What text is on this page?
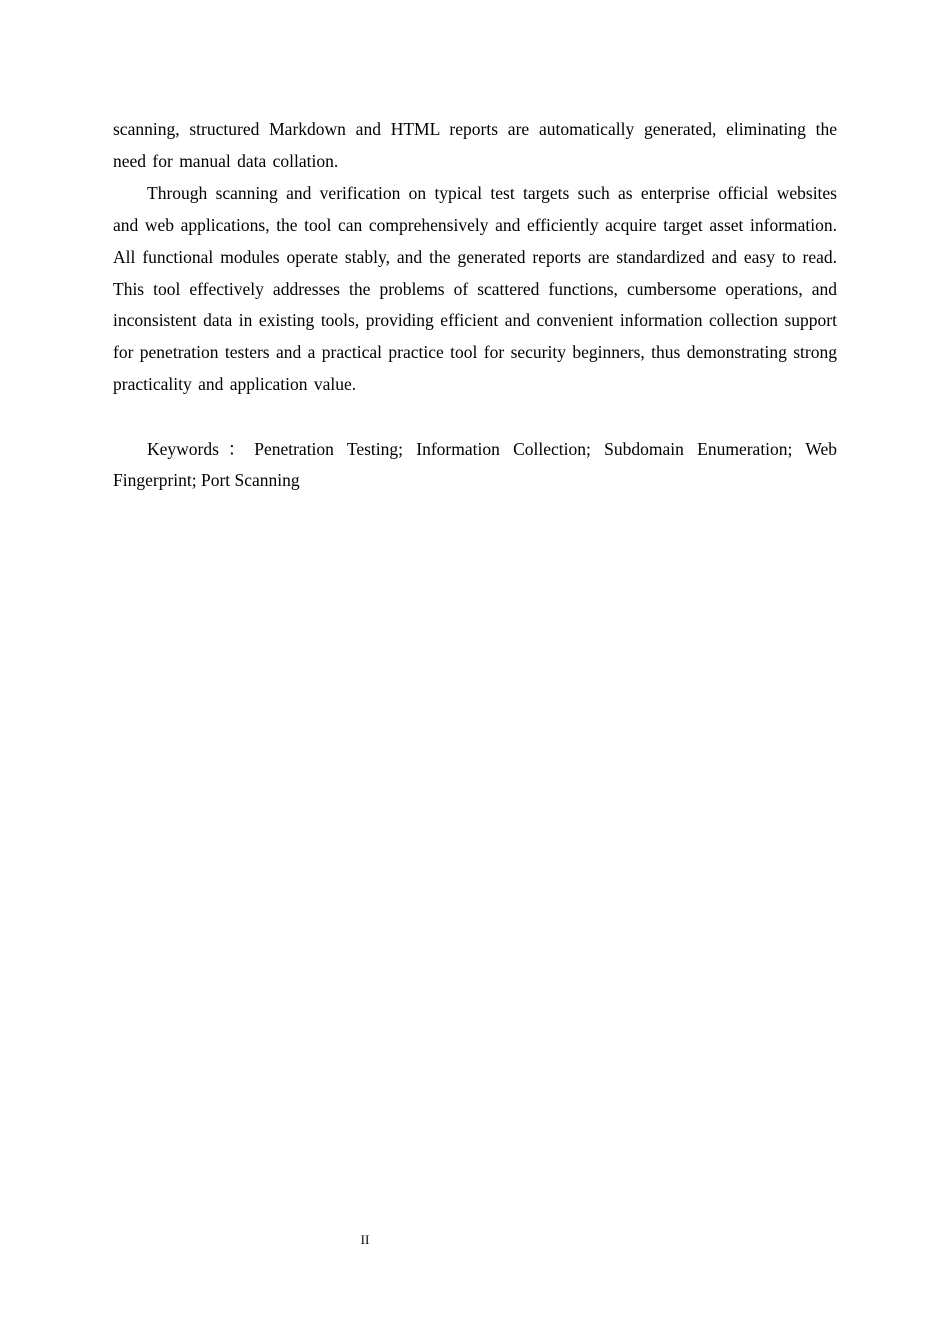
scanning, structured Markdown and HTML reports are automatically generated, eliminating the need for manual data collation.

Through scanning and verification on typical test targets such as enterprise official websites and web applications, the tool can comprehensively and efficiently acquire target asset information. All functional modules operate stably, and the generated reports are standardized and easy to read. This tool effectively addresses the problems of scattered functions, cumbersome operations, and inconsistent data in existing tools, providing efficient and convenient information collection support for penetration testers and a practical practice tool for security beginners, thus demonstrating strong practicality and application value.

Keywords：Penetration Testing; Information Collection; Subdomain Enumeration; Web Fingerprint; Port Scanning

II
